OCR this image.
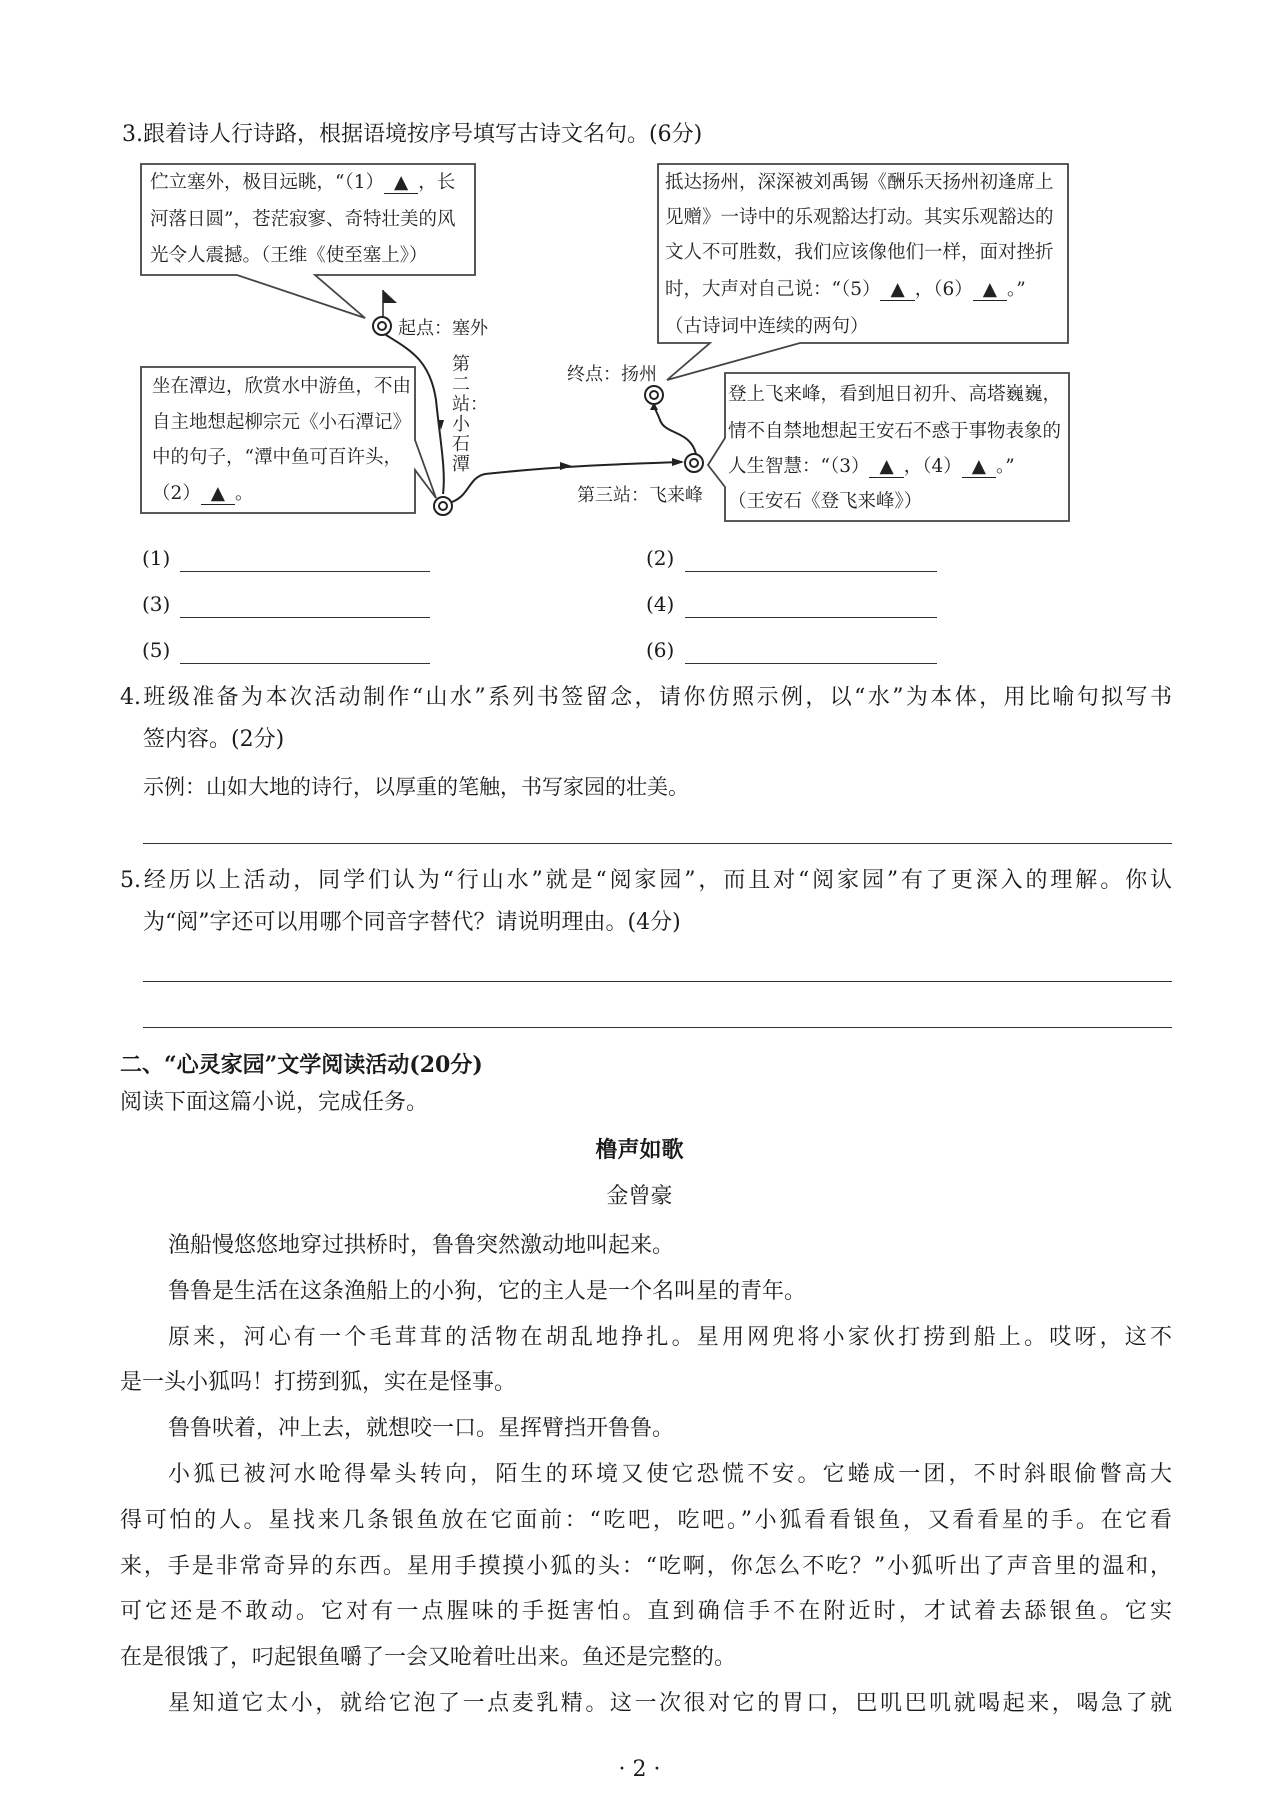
3.跟着诗人行诗路，根据语境按序号填写古诗文名句。(6分)
伫立塞外，极目远眺，“（1） ▲ ，长
河落日圆”，苍茫寂寥、奇特壮美的风
光令人震撼。（王维《使至塞上》）
坐在潭边，欣赏水中游鱼，不由
自主地想起柳宗元《小石潭记》
中的句子，“潭中鱼可百许头，
（2） ▲ 。
抵达扬州，深深被刘禹锡《酬乐天扬州初逢席上
见赠》一诗中的乐观豁达打动。其实乐观豁达的
文人不可胜数，我们应该像他们一样，面对挫折
时，大声对自己说：“（5） ▲ ，（6） ▲ 。”
（古诗词中连续的两句）
登上飞来峰，看到旭日初升、高塔巍巍，
情不自禁地想起王安石不惑于事物表象的
人生智慧：“（3） ▲ ，（4） ▲ 。”
（王安石《登飞来峰》）
起点：塞外
第二站：小石潭
第三站：飞来峰
终点：扬州
(1)	(2)
(3)	(4)
(5)	(6)
4.班级准备为本次活动制作“山水”系列书签留念，请你仿照示例，以“水”为本体，用比喻句拟写书
签内容。(2分)
示例：山如大地的诗行，以厚重的笔触，书写家园的壮美。
5.经历以上活动，同学们认为“行山水”就是“阅家园”，而且对“阅家园”有了更深入的理解。你认
为“阅”字还可以用哪个同音字替代？请说明理由。(4分)
二、“心灵家园”文学阅读活动(20分)
阅读下面这篇小说，完成任务。
橹声如歌
金曾豪
渔船慢悠悠地穿过拱桥时，鲁鲁突然激动地叫起来。
鲁鲁是生活在这条渔船上的小狗，它的主人是一个名叫星的青年。
原来，河心有一个毛茸茸的活物在胡乱地挣扎。星用网兜将小家伙打捞到船上。哎呀，这不
是一头小狐吗！打捞到狐，实在是怪事。
鲁鲁吠着，冲上去，就想咬一口。星挥臂挡开鲁鲁。
小狐已被河水呛得晕头转向，陌生的环境又使它恐慌不安。它蜷成一团，不时斜眼偷瞥高大
得可怕的人。星找来几条银鱼放在它面前：“吃吧，吃吧。”小狐看看银鱼，又看看星的手。在它看
来，手是非常奇异的东西。星用手摸摸小狐的头：“吃啊，你怎么不吃？”小狐听出了声音里的温和，
可它还是不敢动。它对有一点腥味的手挺害怕。直到确信手不在附近时，才试着去舔银鱼。它实
在是很饿了，叼起银鱼嚼了一会又呛着吐出来。鱼还是完整的。
星知道它太小，就给它泡了一点麦乳精。这一次很对它的胃口，巴叽巴叽就喝起来，喝急了就
· 2 ·
